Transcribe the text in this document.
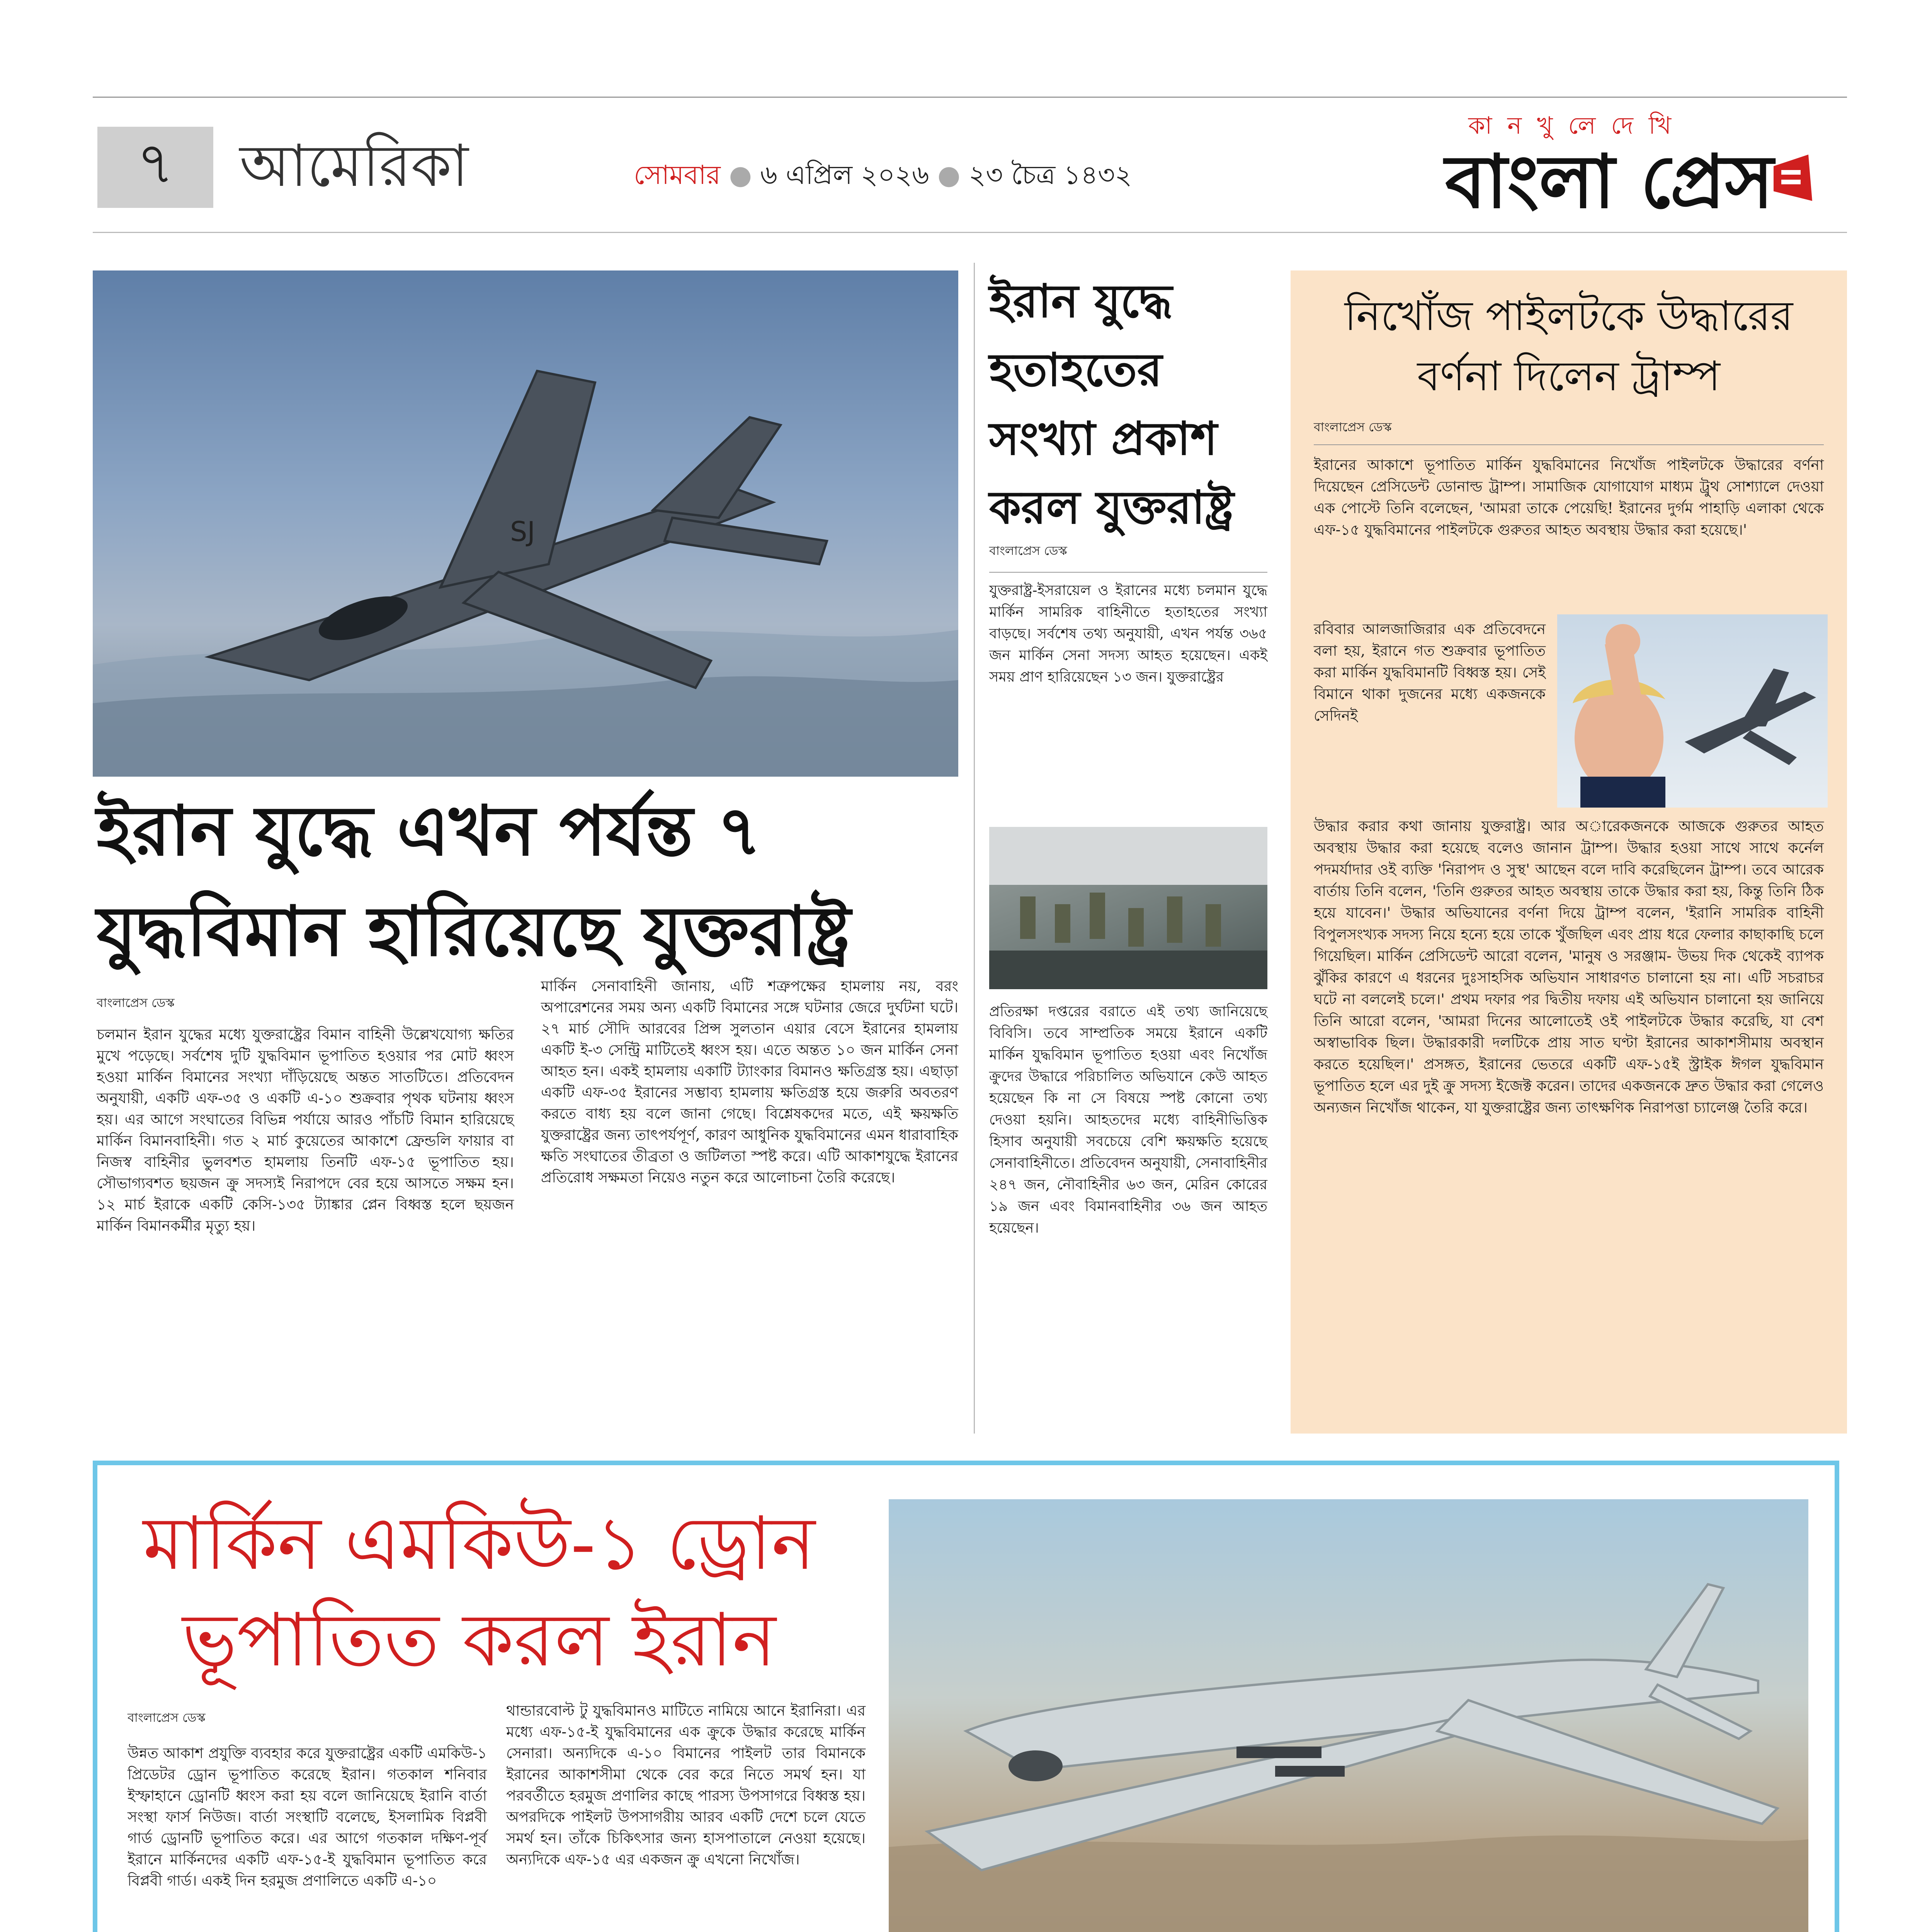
৭ আমেরিকা	সোমবার ● ৬ এপ্রিল ২০২৬ ● ২৩ চৈত্র ১৪৩২
কা ন খু লে দে খি
বাংলা প্রেস
SJ
ইরান যুদ্ধে এখন পর্যন্ত ৭ যুদ্ধবিমান হারিয়েছে যুক্তরাষ্ট্র
বাংলাপ্রেস ডেস্ক
চলমান ইরান যুদ্ধের মধ্যে যুক্তরাষ্ট্রের বিমান বাহিনী উল্লেখযোগ্য ক্ষতির মুখে পড়েছে। সর্বশেষ দুটি যুদ্ধবিমান ভূপাতিত হওয়ার পর মোট ধ্বংস হওয়া মার্কিন বিমানের সংখ্যা দাঁড়িয়েছে অন্তত সাতটিতে। প্রতিবেদন অনুযায়ী, একটি এফ-৩৫ ও একটি এ-১০ শুক্রবার পৃথক ঘটনায় ধ্বংস হয়। এর আগে সংঘাতের বিভিন্ন পর্যায়ে আরও পাঁচটি বিমান হারিয়েছে মার্কিন বিমানবাহিনী। গত ২ মার্চ কুয়েতের আকাশে ফ্রেন্ডলি ফায়ার বা নিজস্ব বাহিনীর ভুলবশত হামলায় তিনটি এফ-১৫ ভূপাতিত হয়। সৌভাগ্যবশত ছয়জন ক্রু সদস্যই নিরাপদে বের হয়ে আসতে সক্ষম হন। ১২ মার্চ ইরাকে একটি কেসি-১৩৫ ট্যাঙ্কার প্লেন বিধ্বস্ত হলে ছয়জন মার্কিন বিমানকর্মীর মৃত্যু হয়।
মার্কিন সেনাবাহিনী জানায়, এটি শত্রুপক্ষের হামলায় নয়, বরং অপারেশনের সময় অন্য একটি বিমানের সঙ্গে ঘটনার জেরে দুর্ঘটনা ঘটে। ২৭ মার্চ সৌদি আরবের প্রিন্স সুলতান এয়ার বেসে ইরানের হামলায় একটি ই-৩ সেন্ট্রি মাটিতেই ধ্বংস হয়। এতে অন্তত ১০ জন মার্কিন সেনা আহত হন। একই হামলায় একাটি ট্যাংকার বিমানও ক্ষতিগ্রস্ত হয়। এছাড়া একটি এফ-৩৫ ইরানের সম্ভাব্য হামলায় ক্ষতিগ্রস্ত হয়ে জরুরি অবতরণ করতে বাধ্য হয় বলে জানা গেছে। বিশ্লেষকদের মতে, এই ক্ষয়ক্ষতি যুক্তরাষ্ট্রের জন্য তাৎপর্যপূর্ণ, কারণ আধুনিক যুদ্ধবিমানের এমন ধারাবাহিক ক্ষতি সংঘাতের তীব্রতা ও জটিলতা স্পষ্ট করে। এটি আকাশযুদ্ধে ইরানের প্রতিরোধ সক্ষমতা নিয়েও নতুন করে আলোচনা তৈরি করেছে।
ইরান যুদ্ধে হতাহতের সংখ্যা প্রকাশ করল যুক্তরাষ্ট্র
বাংলাপ্রেস ডেস্ক
যুক্তরাষ্ট্র-ইসরায়েল ও ইরানের মধ্যে চলমান যুদ্ধে মার্কিন সামরিক বাহিনীতে হতাহতের সংখ্যা বাড়ছে। সর্বশেষ তথ্য অনুযায়ী, এখন পর্যন্ত ৩৬৫ জন মার্কিন সেনা সদস্য আহত হয়েছেন। একই সময় প্রাণ হারিয়েছেন ১৩ জন। যুক্তরাষ্ট্রের
প্রতিরক্ষা দপ্তরের বরাতে এই তথ্য জানিয়েছে বিবিসি। তবে সাম্প্রতিক সময়ে ইরানে একটি মার্কিন যুদ্ধবিমান ভূপাতিত হওয়া এবং নিখোঁজ ক্রুদের উদ্ধারে পরিচালিত অভিযানে কেউ আহত হয়েছেন কি না সে বিষয়ে স্পষ্ট কোনো তথ্য দেওয়া হয়নি। আহতদের মধ্যে বাহিনীভিত্তিক হিসাব অনুযায়ী সবচেয়ে বেশি ক্ষয়ক্ষতি হয়েছে সেনাবাহিনীতে। প্রতিবেদন অনুযায়ী, সেনাবাহিনীর ২৪৭ জন, নৌবাহিনীর ৬৩ জন, মেরিন কোরের ১৯ জন এবং বিমানবাহিনীর ৩৬ জন আহত হয়েছেন।
নিখোঁজ পাইলটকে উদ্ধারের বর্ণনা দিলেন ট্রাম্প
বাংলাপ্রেস ডেস্ক
ইরানের আকাশে ভূপাতিত মার্কিন যুদ্ধবিমানের নিখোঁজ পাইলটকে উদ্ধারের বর্ণনা দিয়েছেন প্রেসিডেন্ট ডোনাল্ড ট্রাম্প। সামাজিক যোগাযোগ মাধ্যম ট্রুথ সোশ্যালে দেওয়া এক পোস্টে তিনি বলেছেন, 'আমরা তাকে পেয়েছি! ইরানের দুর্গম পাহাড়ি এলাকা থেকে এফ-১৫ যুদ্ধবিমানের পাইলটকে গুরুতর আহত অবস্থায় উদ্ধার করা হয়েছে।'
রবিবার আলজাজিরার এক প্রতিবেদনে বলা হয়, ইরানে গত শুক্রবার ভূপাতিত করা মার্কিন যুদ্ধবিমানটি বিধ্বস্ত হয়। সেই বিমানে থাকা দুজনের মধ্যে একজনকে সেদিনই
উদ্ধার করার কথা জানায় যুক্তরাষ্ট্র। আর অারেকজনকে আজকে গুরুতর আহত অবস্থায় উদ্ধার করা হয়েছে বলেও জানান ট্রাম্প। উদ্ধার হওয়া সাথে সাথে কর্নেল পদমর্যাদার ওই ব্যক্তি 'নিরাপদ ও সুস্থ' আছেন বলে দাবি করেছিলেন ট্রাম্প। তবে আরেক বার্তায় তিনি বলেন, 'তিনি গুরুতর আহত অবস্থায় তাকে উদ্ধার করা হয়, কিন্তু তিনি ঠিক হয়ে যাবেন।' উদ্ধার অভিযানের বর্ণনা দিয়ে ট্রাম্প বলেন, 'ইরানি সামরিক বাহিনী বিপুলসংখ্যক সদস্য নিয়ে হন্যে হয়ে তাকে খুঁজছিল এবং প্রায় ধরে ফেলার কাছাকাছি চলে গিয়েছিল। মার্কিন প্রেসিডেন্ট আরো বলেন, 'মানুষ ও সরঞ্জাম- উভয় দিক থেকেই ব্যাপক ঝুঁকির কারণে এ ধরনের দুঃসাহসিক অভিযান সাধারণত চালানো হয় না। এটি সচরাচর ঘটে না বললেই চলে।' প্রথম দফার পর দ্বিতীয় দফায় এই অভিযান চালানো হয় জানিয়ে তিনি আরো বলেন, 'আমরা দিনের আলোতেই ওই পাইলটকে উদ্ধার করেছি, যা বেশ অস্বাভাবিক ছিল। উদ্ধারকারী দলটিকে প্রায় সাত ঘণ্টা ইরানের আকাশসীমায় অবস্থান করতে হয়েছিল।' প্রসঙ্গত, ইরানের ভেতরে একটি এফ-১৫ই স্ট্রাইক ঈগল যুদ্ধবিমান ভূপাতিত হলে এর দুই ক্রু সদস্য ইজেক্ট করেন। তাদের একজনকে দ্রুত উদ্ধার করা গেলেও অন্যজন নিখোঁজ থাকেন, যা যুক্তরাষ্ট্রের জন্য তাৎক্ষণিক নিরাপত্তা চ্যালেঞ্জ তৈরি করে।
মার্কিন এমকিউ-১ ড্রোন ভূপাতিত করল ইরান
বাংলাপ্রেস ডেস্ক
উন্নত আকাশ প্রযুক্তি ব্যবহার করে যুক্তরাষ্ট্রের একটি এমকিউ-১ প্রিডেটর ড্রোন ভূপাতিত করেছে ইরান। গতকাল শনিবার ইস্ফাহানে ড্রোনটি ধ্বংস করা হয় বলে জানিয়েছে ইরানি বার্তা সংস্থা ফার্স নিউজ। বার্তা সংস্থাটি বলেছে, ইসলামিক বিপ্লবী গার্ড ড্রোনটি ভূপাতিত করে। এর আগে গতকাল দক্ষিণ-পূর্ব ইরানে মার্কিনদের একটি এফ-১৫-ই যুদ্ধবিমান ভূপাতিত করে বিপ্লবী গার্ড। একই দিন হরমুজ প্রণালিতে একটি এ-১০
থান্ডারবোল্ট টু যুদ্ধবিমানও মাটিতে নামিয়ে আনে ইরানিরা। এর মধ্যে এফ-১৫-ই যুদ্ধবিমানের এক ক্রুকে উদ্ধার করেছে মার্কিন সেনারা। অন্যদিকে এ-১০ বিমানের পাইলট তার বিমানকে ইরানের আকাশসীমা থেকে বের করে নিতে সমর্থ হন। যা পরবর্তীতে হরমুজ প্রণালির কাছে পারস্য উপসাগরে বিধ্বস্ত হয়। অপরদিকে পাইলট উপসাগরীয় আরব একটি দেশে চলে যেতে সমর্থ হন। তাঁকে চিকিৎসার জন্য হাসপাতালে নেওয়া হয়েছে। অন্যদিকে এফ-১৫ এর একজন ক্রু এখনো নিখোঁজ।
